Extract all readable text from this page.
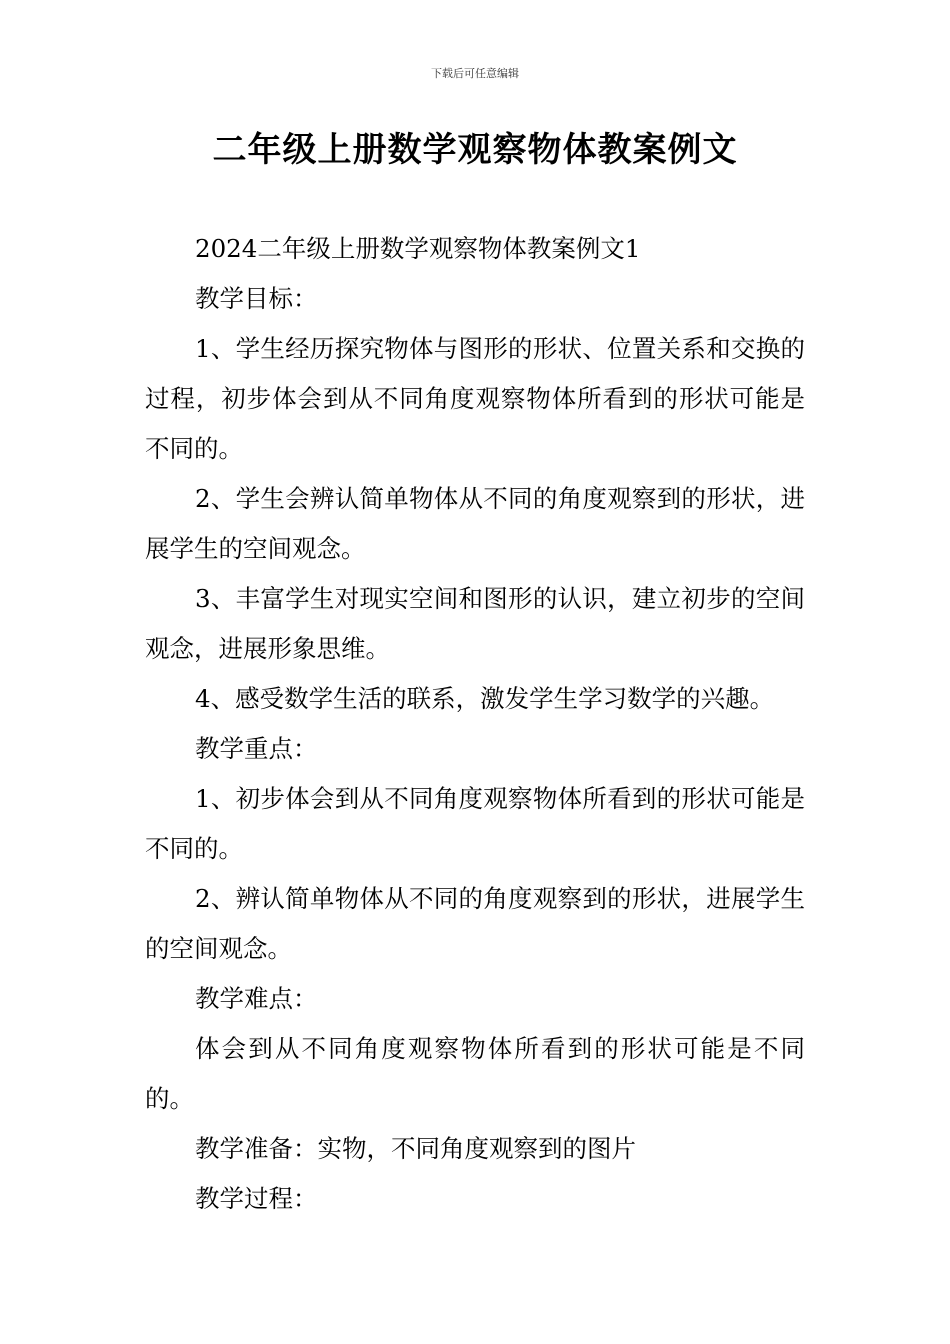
下载后可任意编辑
二年级上册数学观察物体教案例文

2024二年级上册数学观察物体教案例文1

教学目标：

1、学生经历探究物体与图形的形状、位置关系和交换的过程，初步体会到从不同角度观察物体所看到的形状可能是不同的。

2、学生会辨认简单物体从不同的角度观察到的形状，进展学生的空间观念。

3、丰富学生对现实空间和图形的认识，建立初步的空间观念，进展形象思维。

4、感受数学生活的联系，激发学生学习数学的兴趣。

教学重点：

1、初步体会到从不同角度观察物体所看到的形状可能是不同的。

2、辨认简单物体从不同的角度观察到的形状，进展学生的空间观念。

教学难点：

体会到从不同角度观察物体所看到的形状可能是不同的。

教学准备：实物，不同角度观察到的图片

教学过程：
